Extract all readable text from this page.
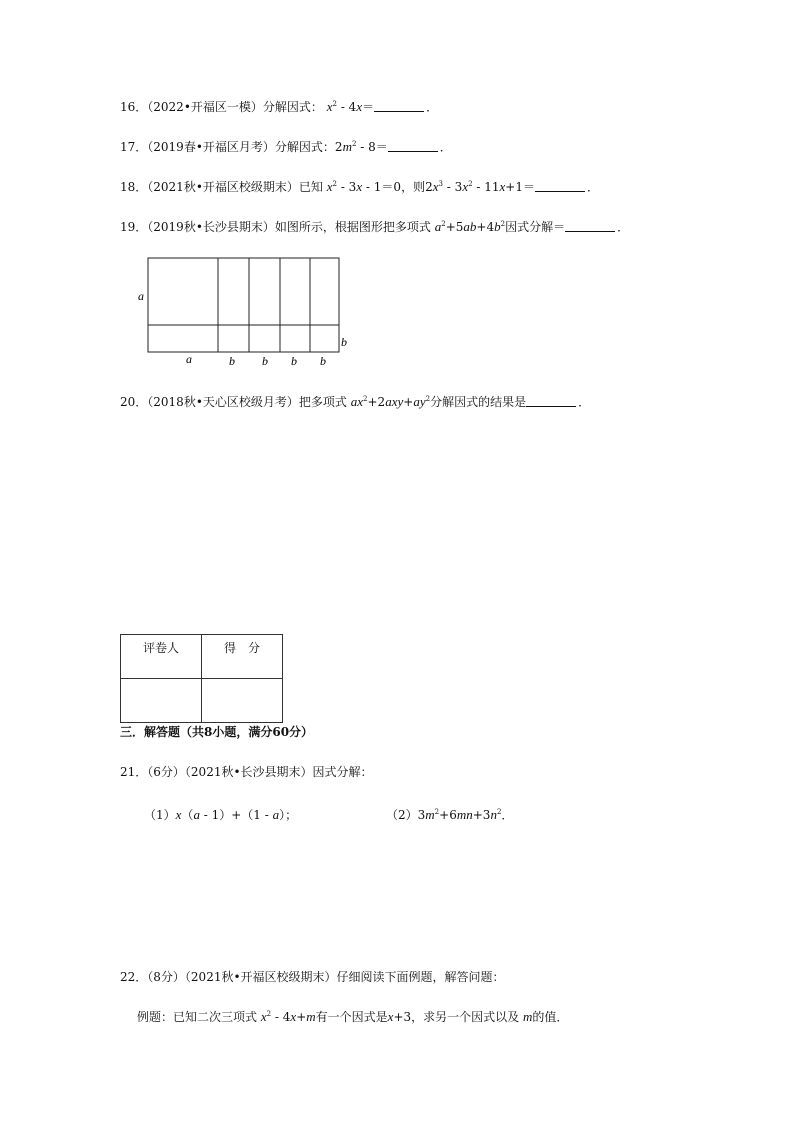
16．（2022•开福区一模）分解因式： $x^2 - 4x=$	．
17．（2019春•开福区月考）分解因式：$2m^2 - 8=$	．
18．（2021秋•开福区校级期末）已知 $x^2 - 3x - 1=0$，则$2x^3 - 3x^2 - 11x+1=$	．
19．（2019秋•长沙县期末）如图所示，根据图形把多项式 $a^2+5ab+4b^2$因式分解＝	．
a
b
a	b b b b
20．（2018秋•天心区校级月考）把多项式 $ax^2+2axy+ay^2$分解因式的结果是	．
评卷人	得　分

三．解答题（共8小题，满分60分）
21．（6分）（2021秋•长沙县期末）因式分解：
（1）x（a - 1）+（1 - a）；	$(2)3m^2+6mn+3n^2$．
22．（8分）（2021秋•开福区校级期末）仔细阅读下面例题，解答问题：
例题：已知二次三项式 $x^2 - 4x+m$有一个因式是x+3，求另一个因式以及 m的值．
